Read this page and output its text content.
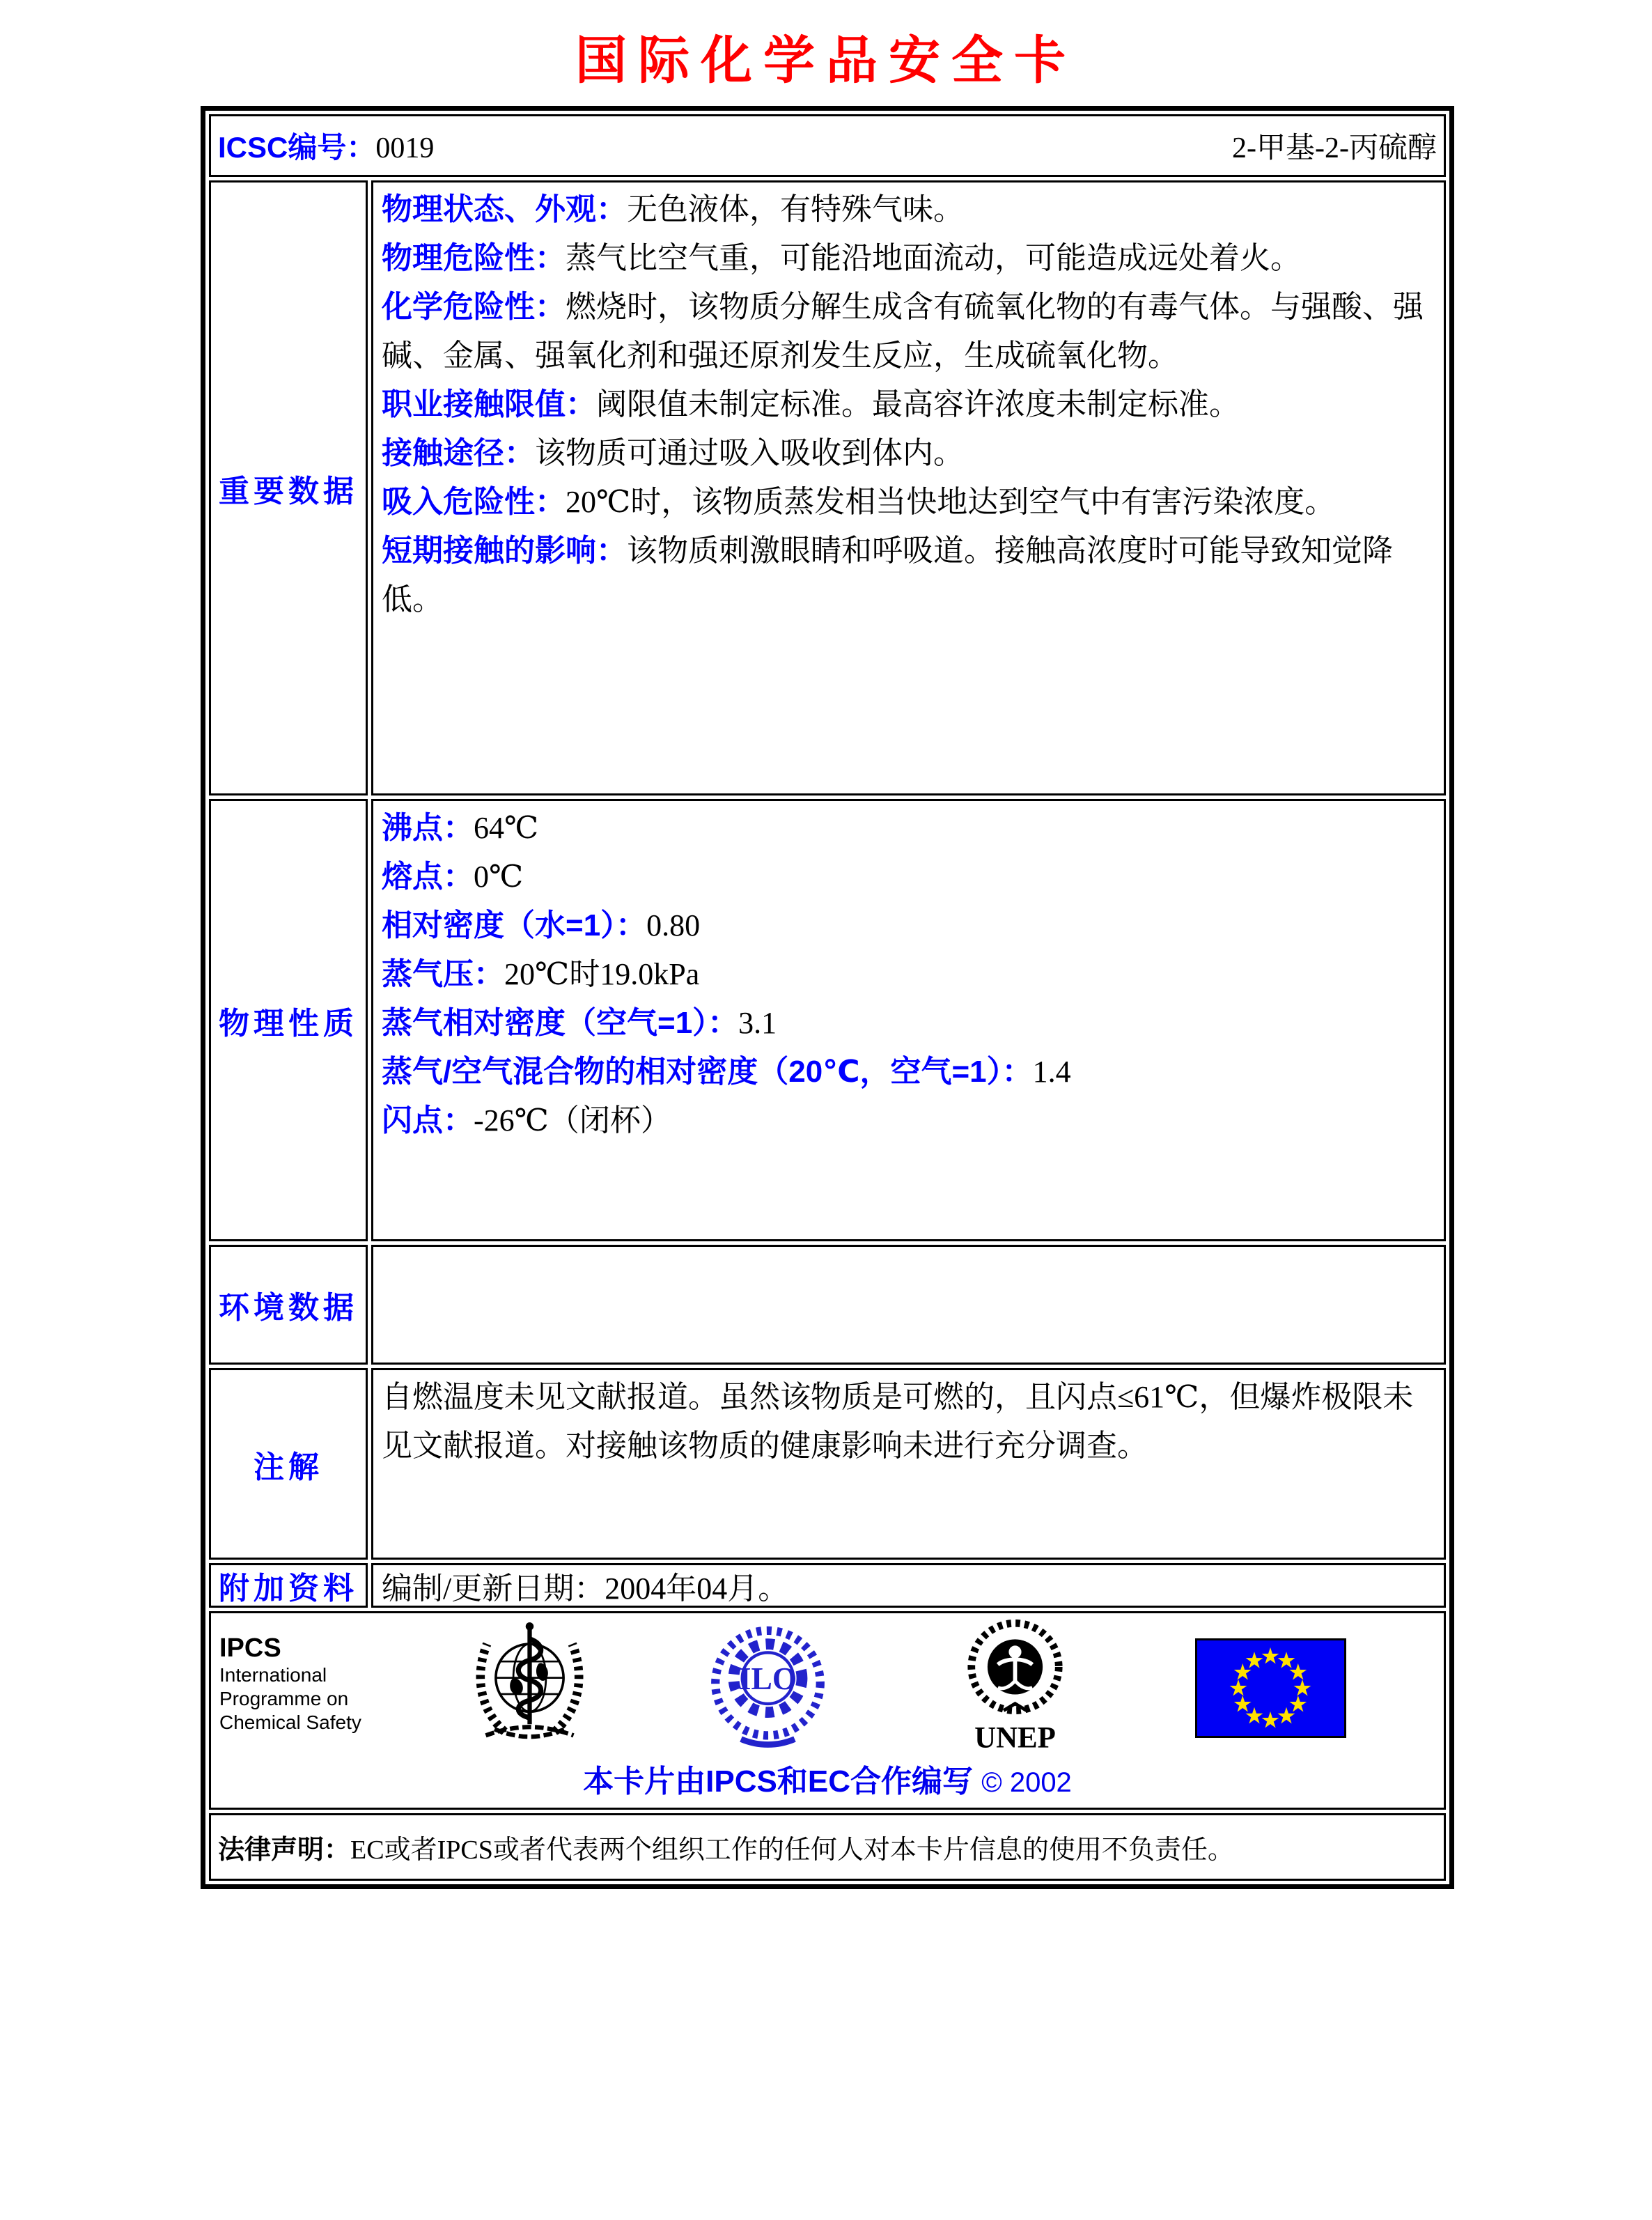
国际化学品安全卡
ICSC编号：0019	2-甲基-2-丙硫醇
重要数据

物理状态、外观：无色液体，有特殊气味。

物理危险性：蒸气比空气重，可能沿地面流动，可能造成远处着火。

化学危险性：燃烧时，该物质分解生成含有硫氧化物的有毒气体。与强酸、强碱、金属、强氧化剂和强还原剂发生反应，生成硫氧化物。

职业接触限值：阈限值未制定标准。最高容许浓度未制定标准。

接触途径：该物质可通过吸入吸收到体内。

吸入危险性：20℃时，该物质蒸发相当快地达到空气中有害污染浓度。

短期接触的影响：该物质刺激眼睛和呼吸道。接触高浓度时可能导致知觉降低。

物理性质

沸点：64℃

熔点：0℃

相对密度（水=1）：0.80

蒸气压：20℃时19.0kPa

蒸气相对密度（空气=1）：3.1

蒸气/空气混合物的相对密度（20℃，空气=1）：1.4

闪点：-26℃（闭杯）

环境数据
注解

自燃温度未见文献报道。虽然该物质是可燃的，且闪点≤61℃，但爆炸极限未见文献报道。对接触该物质的健康影响未进行充分调查。

附加资料 编制/更新日期：2004年04月。
IPCS
International
Programme on
Chemical Safety
ILO
UNEP
本卡片由IPCS和EC合作编写 © 2002
法律声明： EC或者IPCS或者代表两个组织工作的任何人对本卡片信息的使用不负责任。
